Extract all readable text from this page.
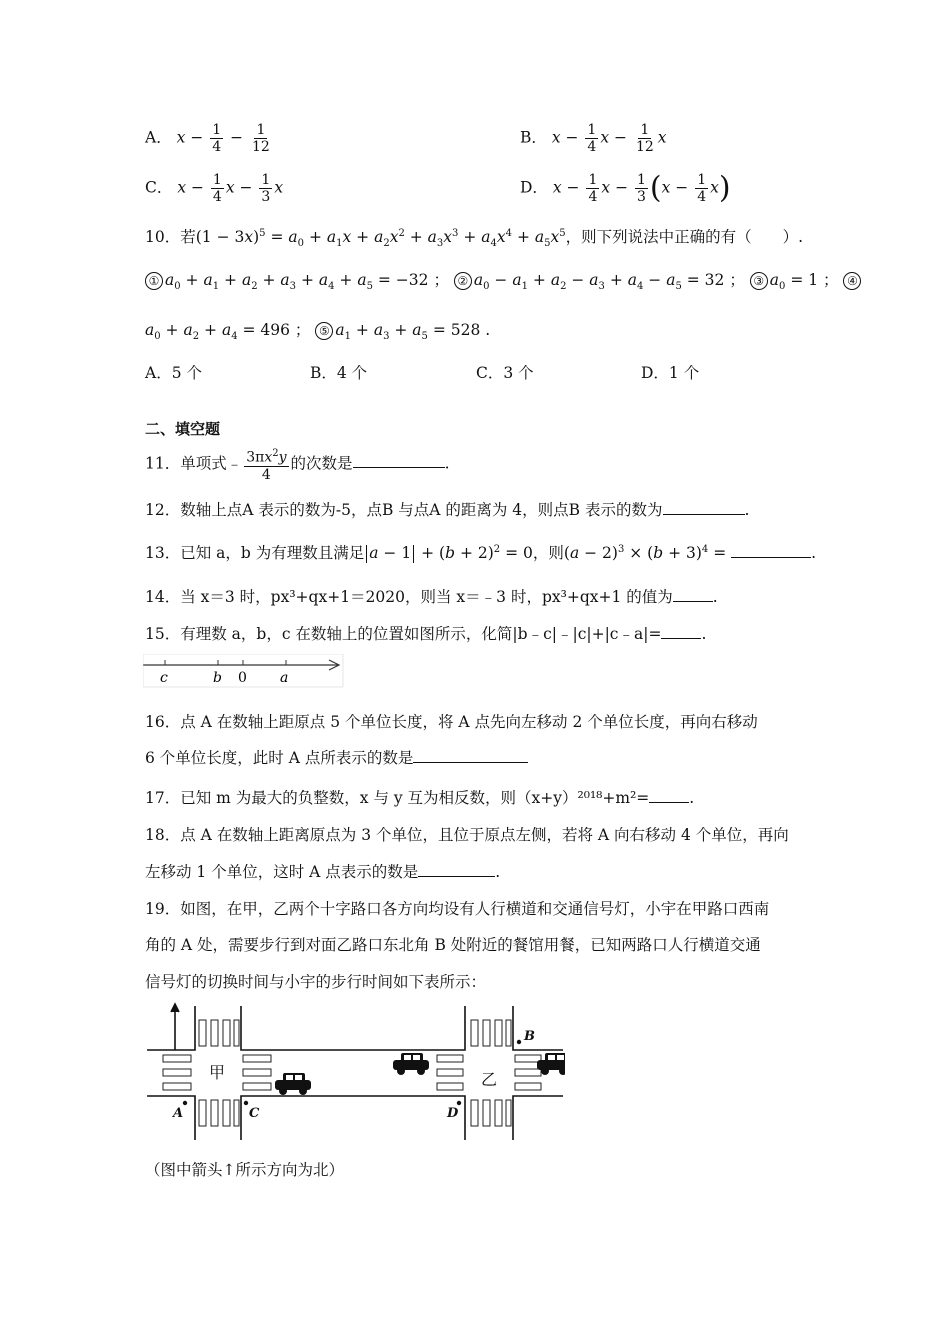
A． $x - \frac{1}{4} - \frac{1}{12}$	B． $x - \frac{1}{4}$ $x - \frac{1}{12}$ x
C． $x - \frac{1}{4}$ $x - \frac{1}{3}$ x	D． $x - \frac{1}{4}$ $x - \frac{1}{3} (x - \frac{1}{4} x)$
10．若$(1 - 3x)^5 = a_0 + a_1x + a_2x^2 + a_3x^3 + a_4x^4 + a_5x^5$，则下列说法中正确的有（　　）.
① $a_0 + a_1 + a_2 + a_3 + a_4 + a_5 = -32$ ； ② $a_0 - a_1 + a_2 - a_3 + a_4 - a_5 = 32$ ； ③ $a_0 = 1$ ； ④
$a_0 + a_2 + a_4 = 496$ ； ⑤ $a_1 + a_3 + a_5 = 528$ .
A．5 个	B．4 个	C．3 个	D．1 个
二、填空题
11．单项式﹣ $\frac{3\pi x^2y}{4}$ 的次数是	.
12．数轴上点A 表示的数为-5，点B 与点A 的距离为 4，则点B 表示的数为	.
13．已知 a，b 为有理数且满足 $a - 1 + (b + 2)^2 = 0$，则$(a - 2)^3 \times (b + 3)^4$ =	.
14．当 x＝3 时，px³+qx+1＝2020，则当 x＝﹣3 时，px³+qx+1 的值为	.
15．有理数 a，b，c 在数轴上的位置如图所示，化简|b﹣c|﹣|c|+|c﹣a|=	.
c	b 0 a
16．点 A 在数轴上距原点 5 个单位长度，将 A 点先向左移动 2 个单位长度，再向右移动
6 个单位长度，此时 A 点所表示的数是
17．已知 m 为最大的负整数，x 与 y 互为相反数，则（x+y）²⁰¹⁸+m²=	.
18．点 A 在数轴上距离原点为 3 个单位，且位于原点左侧，若将 A 向右移动 4 个单位，再向
左移动 1 个单位，这时 A 点表示的数是	.
19．如图，在甲，乙两个十字路口各方向均设有人行横道和交通信号灯，小宇在甲路口西南
角的 A 处，需要步行到对面乙路口东北角 B 处附近的餐馆用餐，已知两路口人行横道交通
信号灯的切换时间与小宇的步行时间如下表所示：
A	C	D
B
甲	乙
（图中箭头↑所示方向为北）
